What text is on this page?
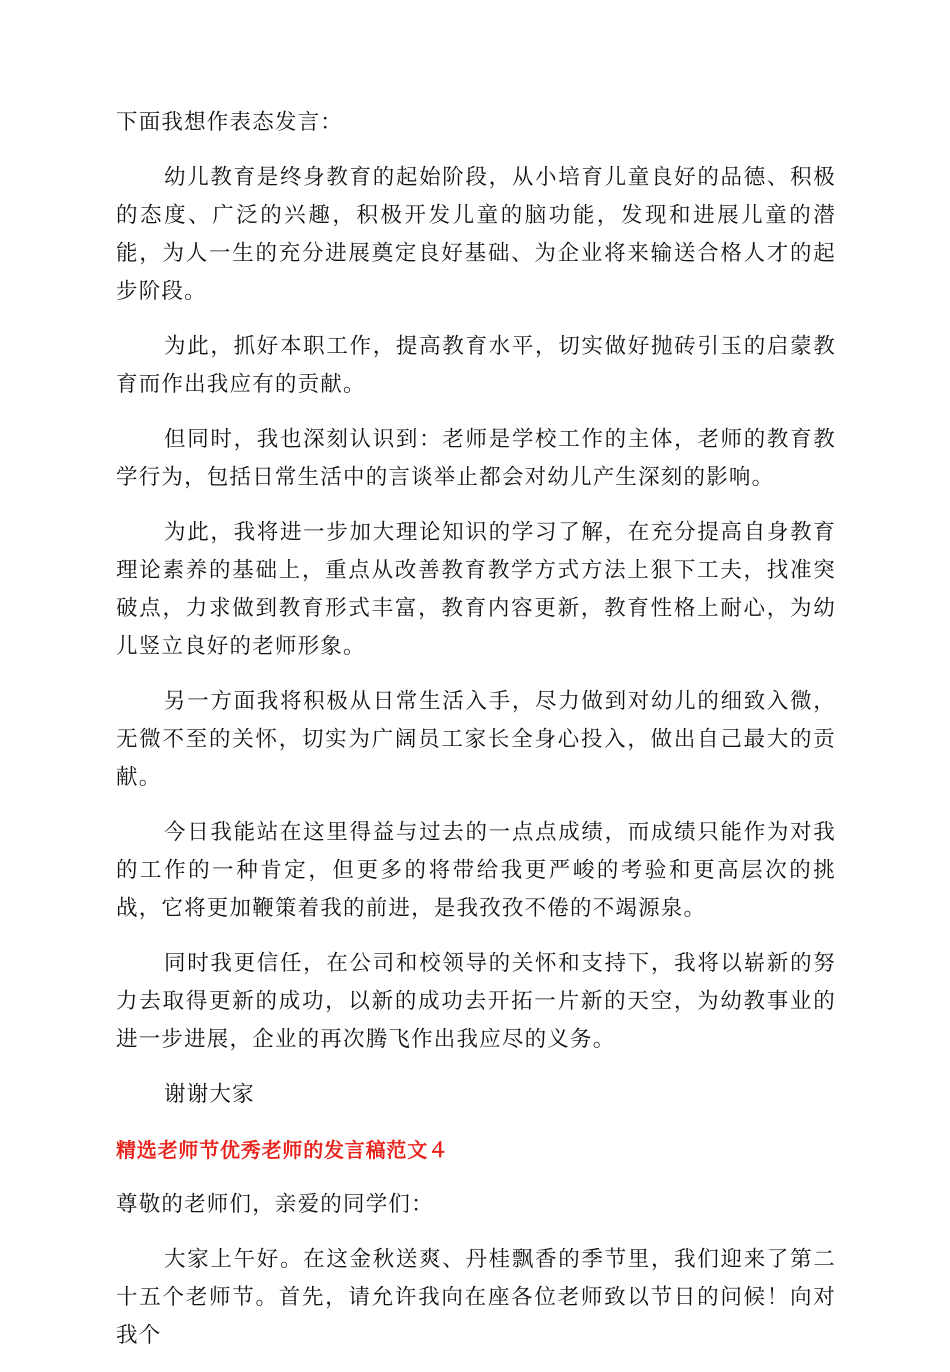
下面我想作表态发言：

幼儿教育是终身教育的起始阶段，从小培育儿童良好的品德、积极的态度、广泛的兴趣，积极开发儿童的脑功能，发现和进展儿童的潜能，为人一生的充分进展奠定良好基础、为企业将来输送合格人才的起步阶段。

为此，抓好本职工作，提高教育水平，切实做好抛砖引玉的启蒙教育而作出我应有的贡献。

但同时，我也深刻认识到：老师是学校工作的主体，老师的教育教学行为，包括日常生活中的言谈举止都会对幼儿产生深刻的影响。

为此，我将进一步加大理论知识的学习了解，在充分提高自身教育理论素养的基础上，重点从改善教育教学方式方法上狠下工夫，找准突破点，力求做到教育形式丰富，教育内容更新，教育性格上耐心，为幼儿竖立良好的老师形象。

另一方面我将积极从日常生活入手，尽力做到对幼儿的细致入微，无微不至的关怀，切实为广阔员工家长全身心投入，做出自己最大的贡献。

今日我能站在这里得益与过去的一点点成绩，而成绩只能作为对我的工作的一种肯定，但更多的将带给我更严峻的考验和更高层次的挑战，它将更加鞭策着我的前进，是我孜孜不倦的不竭源泉。

同时我更信任，在公司和校领导的关怀和支持下，我将以崭新的努力去取得更新的成功，以新的成功去开拓一片新的天空，为幼教事业的进一步进展，企业的再次腾飞作出我应尽的义务。

谢谢大家

精选老师节优秀老师的发言稿范文４

尊敬的老师们，亲爱的同学们：

大家上午好。在这金秋送爽、丹桂飘香的季节里，我们迎来了第二十五个老师节。首先，请允许我向在座各位老师致以节日的问候！向对我个
